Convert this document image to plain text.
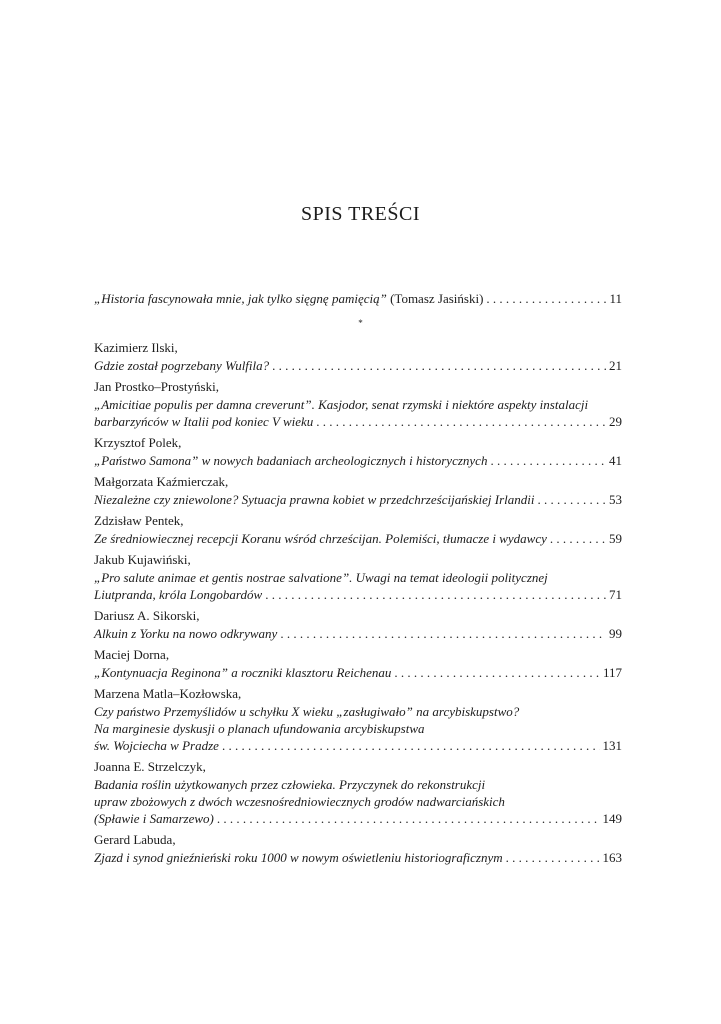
SPIS TREŚCI
„Historia fascynowała mnie, jak tylko sięgnę pamięcią” (Tomasz Jasiński) . . .	11
*
Kazimierz Ilski,
Gdzie został pogrzebany Wulfila? . . .	21
Jan Prostko–Prostyński,
„Amicitiae populis per damna creverunt”. Kasjodor, senat rzymski i niektóre aspekty instalacji
barbarzyńców w Italii pod koniec V wieku . . .	29
Krzysztof Polek,
„Państwo Samona” w nowych badaniach archeologicznych i historycznych . . .	41
Małgorzata Kaźmierczak,
Niezależne czy zniewolone? Sytuacja prawna kobiet w przedchrześcijańskiej Irlandii . . .	53
Zdzisław Pentek,
Ze średniowiecznej recepcji Koranu wśród chrześcijan. Polemiści, tłumacze i wydawcy . . .	59
Jakub Kujawiński,
„Pro salute animae et gentis nostrae salvatione”. Uwagi na temat ideologii politycznej
Liutpranda, króla Longobardów . . .	71
Dariusz A. Sikorski,
Alkuin z Yorku na nowo odkrywany . . .	99
Maciej Dorna,
„Kontynuacja Reginona” a roczniki klasztoru Reichenau . . .	117
Marzena Matla–Kozłowska,
Czy państwo Przemyślidów u schyłku X wieku „zasługiwało” na arcybiskupstwo?
Na marginesie dyskusji o planach ufundowania arcybiskupstwa
św. Wojciecha w Pradze . . .	131
Joanna E. Strzelczyk,
Badania roślin użytkowanych przez człowieka. Przyczynek do rekonstrukcji
upraw zbożowych z dwóch wczesnośredniowiecznych grodów nadwarciańskich
(Spławie i Samarzewo) . . .	149
Gerard Labuda,
Zjazd i synod gnieźnieński roku 1000 w nowym oświetleniu historiograficznym . . .	163
